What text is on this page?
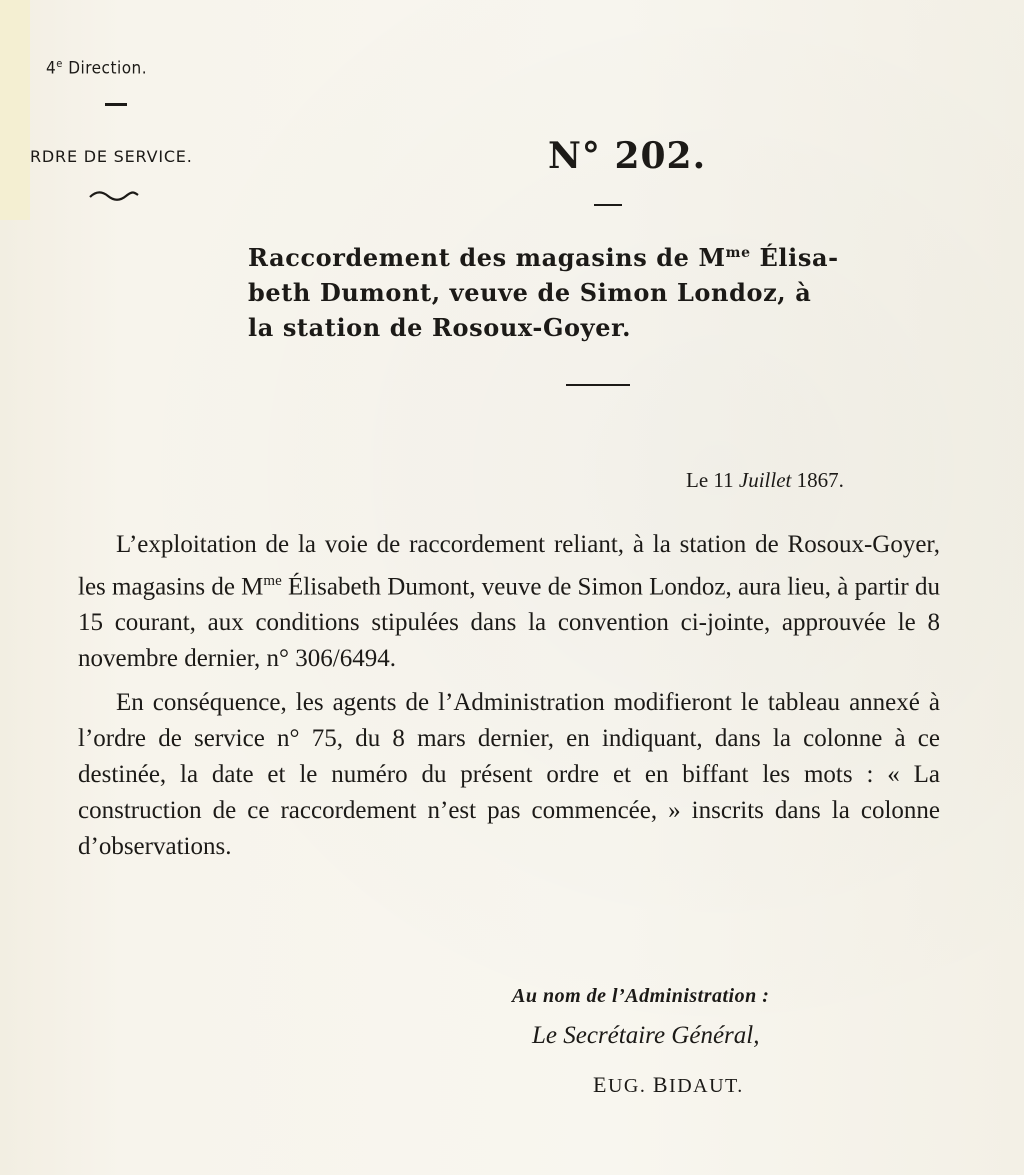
4e Direction.
RDRE DE SERVICE.	N° 202.
Raccordement des magasins de $M^{me}$ Élisa-
beth Dumont, veuve de Simon Londoz, à
la station de Rosoux-Goyer.
Le 11 Juillet 1867.

L’exploitation de la voie de raccordement reliant, à la station de Rosoux-Goyer, les magasins de $M^{me}$ Élisabeth Dumont, veuve de Simon Londoz, aura lieu, à partir du 15 courant, aux conditions stipulées dans la convention ci-jointe, approuvée le 8 novembre dernier, n° 306/6494.

En conséquence, les agents de l’Administration modifieront le tableau annexé à l’ordre de service n° 75, du 8 mars dernier, en indiquant, dans la colonne à ce destinée, la date et le numéro du présent ordre et en biffant les mots : « La construction de ce raccordement n’est pas commencée, » inscrits dans la colonne d’observations.

Au nom de l’Administration :
Le Secrétaire Général,
EUG. BIDAUT.
